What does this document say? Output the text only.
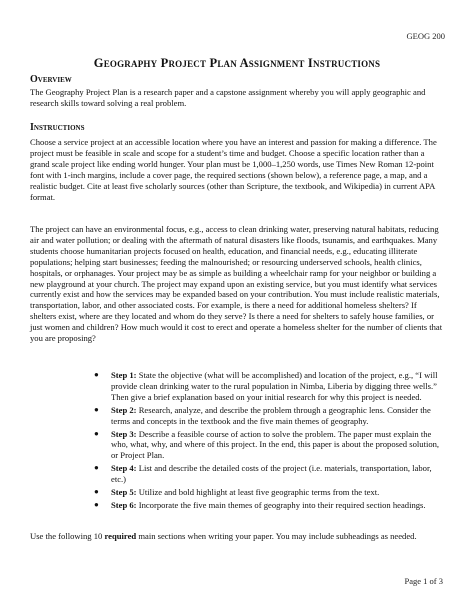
GEOG 200
Geography Project Plan Assignment Instructions
Overview

The Geography Project Plan is a research paper and a capstone assignment whereby you will apply geographic and research skills toward solving a real problem.

Instructions

Choose a service project at an accessible location where you have an interest and passion for making a difference. The project must be feasible in scale and scope for a student’s time and budget. Choose a specific location rather than a grand scale project like ending world hunger. Your plan must be 1,000–1,250 words, use Times New Roman 12-point font with 1-inch margins, include a cover page, the required sections (shown below), a reference page, a map, and a realistic budget. Cite at least five scholarly sources (other than Scripture, the textbook, and Wikipedia) in current APA format.

The project can have an environmental focus, e.g., access to clean drinking water, preserving natural habitats, reducing air and water pollution; or dealing with the aftermath of natural disasters like floods, tsunamis, and earthquakes. Many students choose humanitarian projects focused on health, education, and financial needs, e.g., educating illiterate populations; helping start businesses; feeding the malnourished; or resourcing underserved schools, health clinics, hospitals, or orphanages. Your project may be as simple as building a wheelchair ramp for your neighbor or building a new playground at your church. The project may expand upon an existing service, but you must identify what services currently exist and how the services may be expanded based on your contribution. You must include realistic materials, transportation, labor, and other associated costs. For example, is there a need for additional homeless shelters? If shelters exist, where are they located and whom do they serve? Is there a need for shelters to safely house families, or just women and children? How much would it cost to erect and operate a homeless shelter for the number of clients that you are proposing?

● Step 1: State the objective (what will be accomplished) and location of the project, e.g., “I will provide clean drinking water to the rural population in Nimba, Liberia by digging three wells.” Then give a brief explanation based on your initial research for why this project is needed.
● Step 2: Research, analyze, and describe the problem through a geographic lens. Consider the terms and concepts in the textbook and the five main themes of geography.
● Step 3: Describe a feasible course of action to solve the problem. The paper must explain the who, what, why, and where of this project. In the end, this paper is about the proposed solution, or Project Plan.
● Step 4: List and describe the detailed costs of the project (i.e. materials, transportation, labor, etc.)
● Step 5: Utilize and bold highlight at least five geographic terms from the text.
● Step 6: Incorporate the five main themes of geography into their required section headings.

Use the following 10 required main sections when writing your paper. You may include subheadings as needed.

Page 1 of 3
